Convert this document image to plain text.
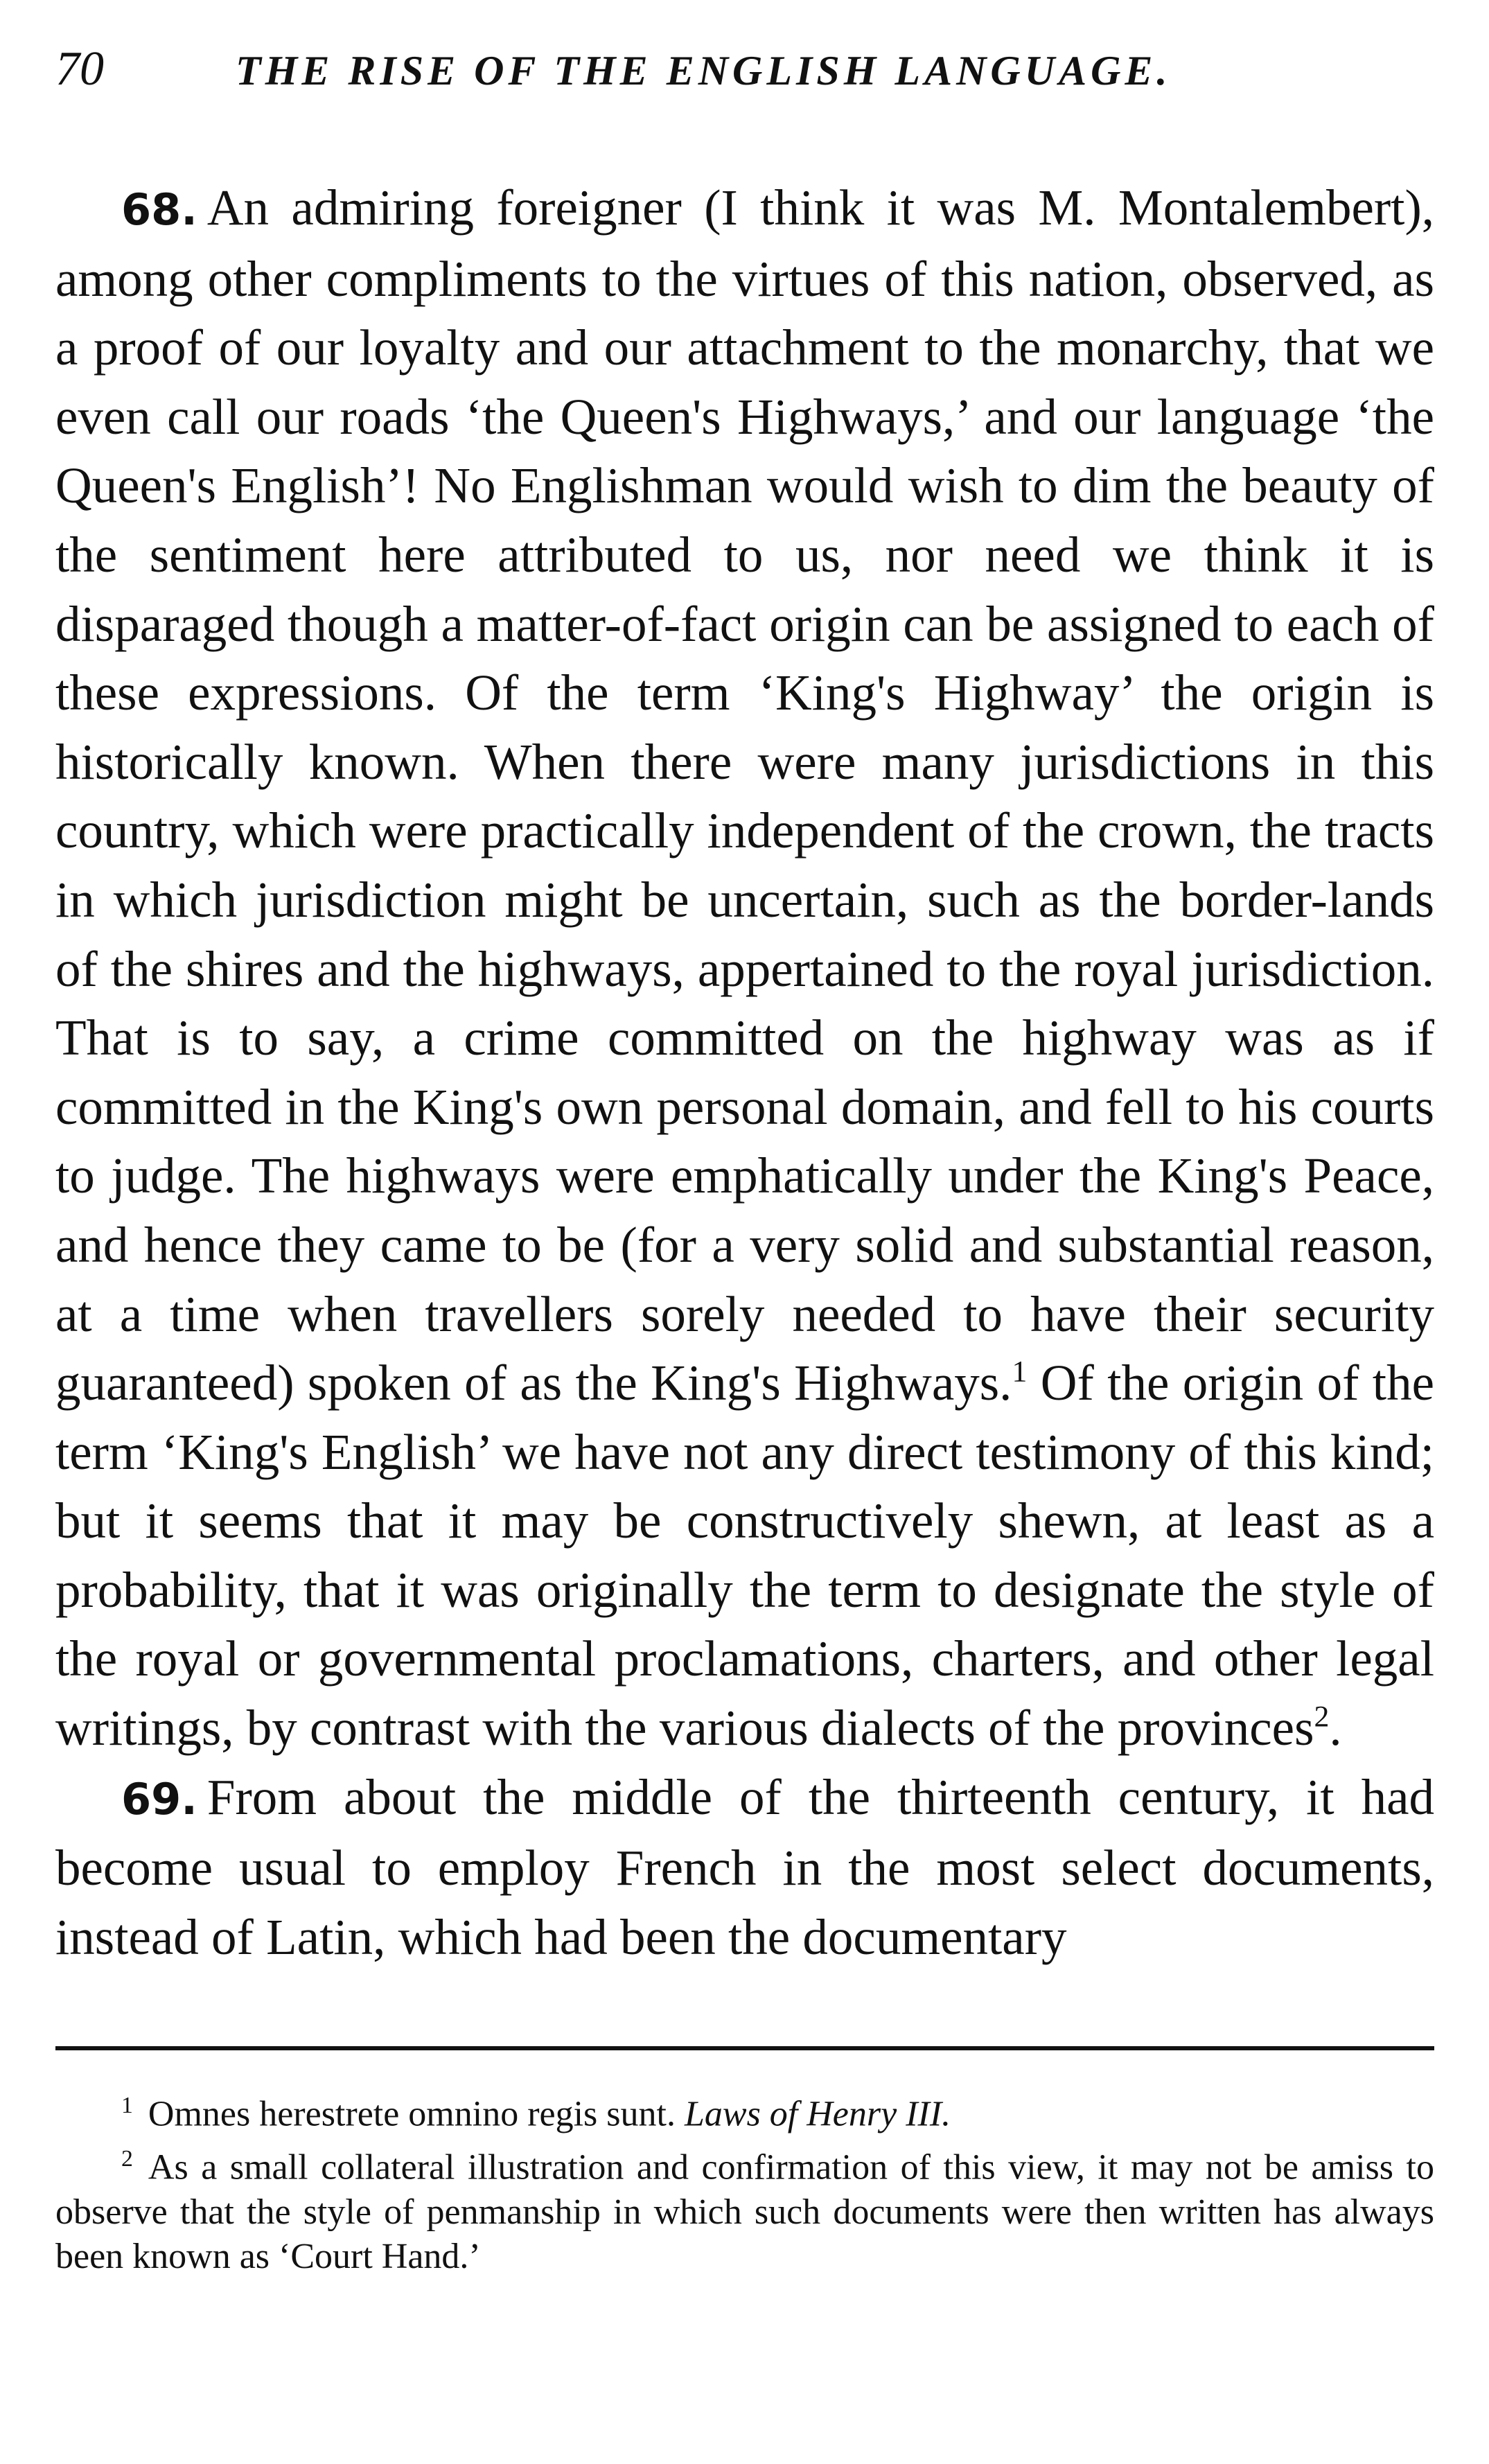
70	THE RISE OF THE ENGLISH LANGUAGE.

68. An admiring foreigner (I think it was M. Montalembert), among other compliments to the virtues of this nation, observed, as a proof of our loyalty and our attachment to the monarchy, that we even call our roads ‘the Queen's Highways,’ and our language ‘the Queen's English’! No Englishman would wish to dim the beauty of the sentiment here attributed to us, nor need we think it is disparaged though a matter-of-fact origin can be assigned to each of these expressions. Of the term ‘King's Highway’ the origin is historically known. When there were many jurisdictions in this country, which were practically independent of the crown, the tracts in which jurisdiction might be uncertain, such as the border-lands of the shires and the highways, appertained to the royal jurisdiction. That is to say, a crime committed on the highway was as if committed in the King's own personal domain, and fell to his courts to judge. The highways were emphatically under the King's Peace, and hence they came to be (for a very solid and substantial reason, at a time when travellers sorely needed to have their security guaranteed) spoken of as the King's Highways.$^1$ Of the origin of the term ‘King's English’ we have not any direct testimony of this kind; but it seems that it may be constructively shewn, at least as a probability, that it was originally the term to designate the style of the royal or governmental proclamations, charters, and other legal writings, by contrast with the various dialects of the provinces$^2$.

69. From about the middle of the thirteenth century, it had become usual to employ French in the most select documents, instead of Latin, which had been the documentary

$^1$ Omnes herestrete omnino regis sunt. Laws of Henry III.

$^2$ As a small collateral illustration and confirmation of this view, it may not be amiss to observe that the style of penmanship in which such documents were then written has always been known as ‘Court Hand.’
